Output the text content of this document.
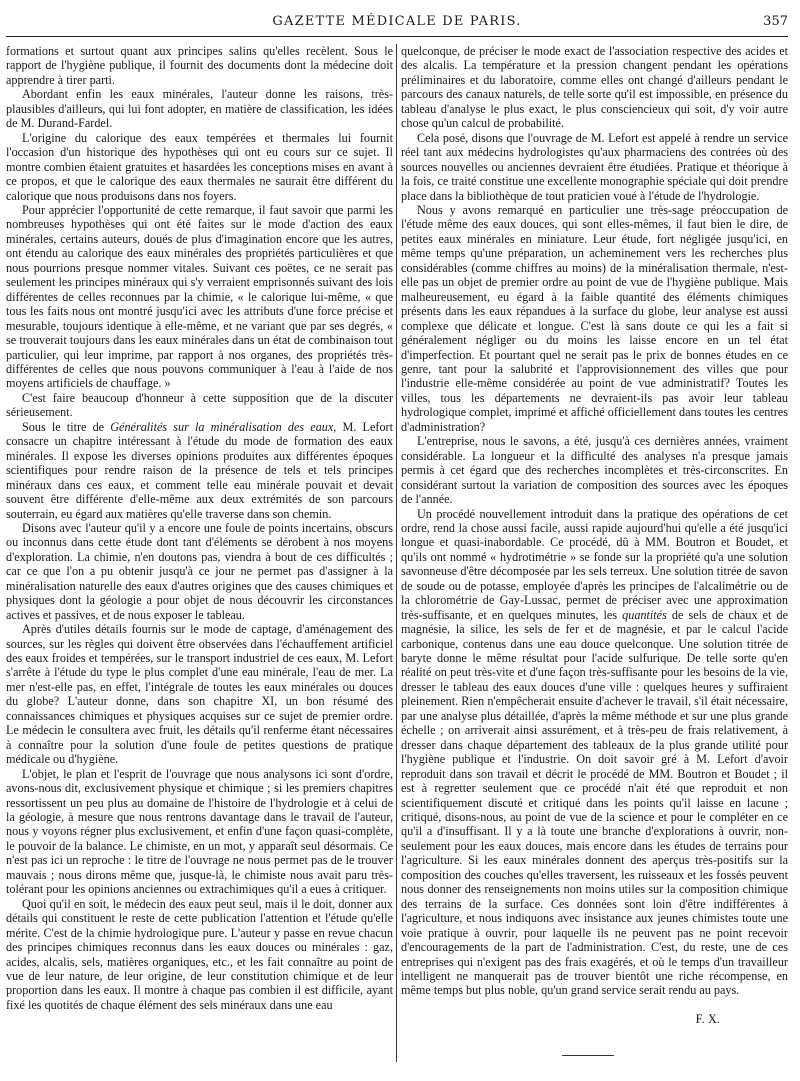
GAZETTE MÉDICALE DE PARIS.	357

formations et surtout quant aux principes salins qu'elles recèlent. Sous le rapport de l'hygiène publique, il fournit des documents dont la médecine doit apprendre à tirer parti.

Abordant enfin les eaux minérales, l'auteur donne les raisons, très-plausibles d'ailleurs, qui lui font adopter, en matière de classification, les idées de M. Durand-Fardel.

L'origine du calorique des eaux tempérées et thermales lui fournit l'occasion d'un historique des hypothèses qui ont eu cours sur ce sujet. Il montre combien étaient gratuites et hasardées les conceptions mises en avant à ce propos, et que le calorique des eaux thermales ne saurait être différent du calorique que nous produisons dans nos foyers.

Pour apprécier l'opportunité de cette remarque, il faut savoir que parmi les nombreuses hypothèses qui ont été faites sur le mode d'action des eaux minérales, certains auteurs, doués de plus d'imagination encore que les autres, ont étendu au calorique des eaux minérales des propriétés particulières et que nous pourrions presque nommer vitales. Suivant ces poëtes, ce ne serait pas seulement les principes minéraux qui s'y verraient emprisonnés suivant des lois différentes de celles reconnues par la chimie, « le calorique lui-même, « que tous les faits nous ont montré jusqu'ici avec les attributs d'une force précise et mesurable, toujours identique à elle-même, et ne variant que par ses degrés, « se trouverait toujours dans les eaux minérales dans un état de combinaison tout particulier, qui leur imprime, par rapport à nos organes, des propriétés très-différentes de celles que nous pouvons communiquer à l'eau à l'aide de nos moyens artificiels de chauffage. »

C'est faire beaucoup d'honneur à cette supposition que de la discuter sérieusement.

Sous le titre de Généralités sur la minéralisation des eaux, M. Lefort consacre un chapitre intéressant à l'étude du mode de formation des eaux minérales. Il expose les diverses opinions produites aux différentes époques scientifiques pour rendre raison de la présence de tels et tels principes minéraux dans ces eaux, et comment telle eau minérale pouvait et devait souvent être différente d'elle-même aux deux extrémités de son parcours souterrain, eu égard aux matières qu'elle traverse dans son chemin.

Disons avec l'auteur qu'il y a encore une foule de points incertains, obscurs ou inconnus dans cette étude dont tant d'éléments se dérobent à nos moyens d'exploration. La chimie, n'en doutons pas, viendra à bout de ces difficultés ; car ce que l'on a pu obtenir jusqu'à ce jour ne permet pas d'assigner à la minéralisation naturelle des eaux d'autres origines que des causes chimiques et physiques dont la géologie a pour objet de nous découvrir les circonstances actives et passives, et de nous exposer le tableau.

Après d'utiles détails fournis sur le mode de captage, d'aménagement des sources, sur les règles qui doivent être observées dans l'échauffement artificiel des eaux froides et tempérées, sur le transport industriel de ces eaux, M. Lefort s'arrête à l'étude du type le plus complet d'une eau minérale, l'eau de mer. La mer n'est-elle pas, en effet, l'intégrale de toutes les eaux minérales ou douces du globe? L'auteur donne, dans son chapitre XI, un bon résumé des connaissances chimiques et physiques acquises sur ce sujet de premier ordre. Le médecin le consultera avec fruit, les détails qu'il renferme étant nécessaires à connaître pour la solution d'une foule de petites questions de pratique médicale ou d'hygiène.

L'objet, le plan et l'esprit de l'ouvrage que nous analysons ici sont d'ordre, avons-nous dit, exclusivement physique et chimique ; si les premiers chapitres ressortissent un peu plus au domaine de l'histoire de l'hydrologie et à celui de la géologie, à mesure que nous rentrons davantage dans le travail de l'auteur, nous y voyons régner plus exclusivement, et enfin d'une façon quasi-complète, le pouvoir de la balance. Le chimiste, en un mot, y apparaît seul désormais. Ce n'est pas ici un reproche : le titre de l'ouvrage ne nous permet pas de le trouver mauvais ; nous dirons même que, jusque-là, le chimiste nous avait paru très-tolérant pour les opinions anciennes ou extrachimiques qu'il a eues à critiquer.

Quoi qu'il en soit, le médecin des eaux peut seul, mais il le doit, donner aux détails qui constituent le reste de cette publication l'attention et l'étude qu'elle mérite. C'est de la chimie hydrologique pure. L'auteur y passe en revue chacun des principes chimiques reconnus dans les eaux douces ou minérales : gaz, acides, alcalis, sels, matières organiques, etc., et les fait connaître au point de vue de leur nature, de leur origine, de leur constitution chimique et de leur proportion dans les eaux. Il montre à chaque pas combien il est difficile, ayant fixé les quotités de chaque élément des sels minéraux dans une eau

quelconque, de préciser le mode exact de l'association respective des acides et des alcalis. La température et la pression changent pendant les opérations préliminaires et du laboratoire, comme elles ont changé d'ailleurs pendant le parcours des canaux naturels, de telle sorte qu'il est impossible, en présence du tableau d'analyse le plus exact, le plus consciencieux qui soit, d'y voir autre chose qu'un calcul de probabilité.

Cela posé, disons que l'ouvrage de M. Lefort est appelé à rendre un service réel tant aux médecins hydrologistes qu'aux pharmaciens des contrées où des sources nouvelles ou anciennes devraient être étudiées. Pratique et théorique à la fois, ce traité constitue une excellente monographie spéciale qui doit prendre place dans la bibliothèque de tout praticien voué à l'étude de l'hydrologie.

Nous y avons remarqué en particulier une très-sage préoccupation de l'étude même des eaux douces, qui sont elles-mêmes, il faut bien le dire, de petites eaux minérales en miniature. Leur étude, fort négligée jusqu'ici, en même temps qu'une préparation, un acheminement vers les recherches plus considérables (comme chiffres au moins) de la minéralisation thermale, n'est-elle pas un objet de premier ordre au point de vue de l'hygiène publique. Mais malheureusement, eu égard à la faible quantité des éléments chimiques présents dans les eaux répandues à la surface du globe, leur analyse est aussi complexe que délicate et longue. C'est là sans doute ce qui les a fait si généralement négliger ou du moins les laisse encore en un tel état d'imperfection. Et pourtant quel ne serait pas le prix de bonnes études en ce genre, tant pour la salubrité et l'approvisionnement des villes que pour l'industrie elle-même considérée au point de vue administratif? Toutes les villes, tous les départements ne devraient-ils pas avoir leur tableau hydrologique complet, imprimé et affiché officiellement dans toutes les centres d'administration?

L'entreprise, nous le savons, a été, jusqu'à ces dernières années, vraiment considérable. La longueur et la difficulté des analyses n'a presque jamais permis à cet égard que des recherches incomplètes et très-circonscrites. En considérant surtout la variation de composition des sources avec les époques de l'année.

Un procédé nouvellement introduit dans la pratique des opérations de cet ordre, rend la chose aussi facile, aussi rapide aujourd'hui qu'elle a été jusqu'ici longue et quasi-inabordable. Ce procédé, dû à MM. Boutron et Boudet, et qu'ils ont nommé « hydrotimétrie » se fonde sur la propriété qu'a une solution savonneuse d'être décomposée par les sels terreux. Une solution titrée de savon de soude ou de potasse, employée d'après les principes de l'alcalimétrie ou de la chlorométrie de Gay-Lussac, permet de préciser avec une approximation très-suffisante, et en quelques minutes, les quantités de sels de chaux et de magnésie, la silice, les sels de fer et de magnésie, et par le calcul l'acide carbonique, contenus dans une eau douce quelconque. Une solution titrée de baryte donne le même résultat pour l'acide sulfurique. De telle sorte qu'en réalité on peut très-vite et d'une façon très-suffisante pour les besoins de la vie, dresser le tableau des eaux douces d'une ville : quelques heures y suffiraient pleinement. Rien n'empêcherait ensuite d'achever le travail, s'il était nécessaire, par une analyse plus détaillée, d'après la même méthode et sur une plus grande échelle ; on arriverait ainsi assurément, et à très-peu de frais relativement, à dresser dans chaque département des tableaux de la plus grande utilité pour l'hygiène publique et l'industrie. On doit savoir gré à M. Lefort d'avoir reproduit dans son travail et décrit le procédé de MM. Boutron et Boudet ; il est à regretter seulement que ce procédé n'ait été que reproduit et non scientifiquement discuté et critiqué dans les points qu'il laisse en lacune ; critiqué, disons-nous, au point de vue de la science et pour le compléter en ce qu'il a d'insuffisant. Il y a là toute une branche d'explorations à ouvrir, non-seulement pour les eaux douces, mais encore dans les études de terrains pour l'agriculture. Si les eaux minérales donnent des aperçus très-positifs sur la composition des couches qu'elles traversent, les ruisseaux et les fossés peuvent nous donner des renseignements non moins utiles sur la composition chimique des terrains de la surface. Ces données sont loin d'être indifférentes à l'agriculture, et nous indiquons avec insistance aux jeunes chimistes toute une voie pratique à ouvrir, pour laquelle ils ne peuvent pas ne point recevoir d'encouragements de la part de l'administration. C'est, du reste, une de ces entreprises qui n'exigent pas des frais exagérés, et où le temps d'un travailleur intelligent ne manquerait pas de trouver bientôt une riche récompense, en même temps but plus noble, qu'un grand service serait rendu au pays.

F. X.
